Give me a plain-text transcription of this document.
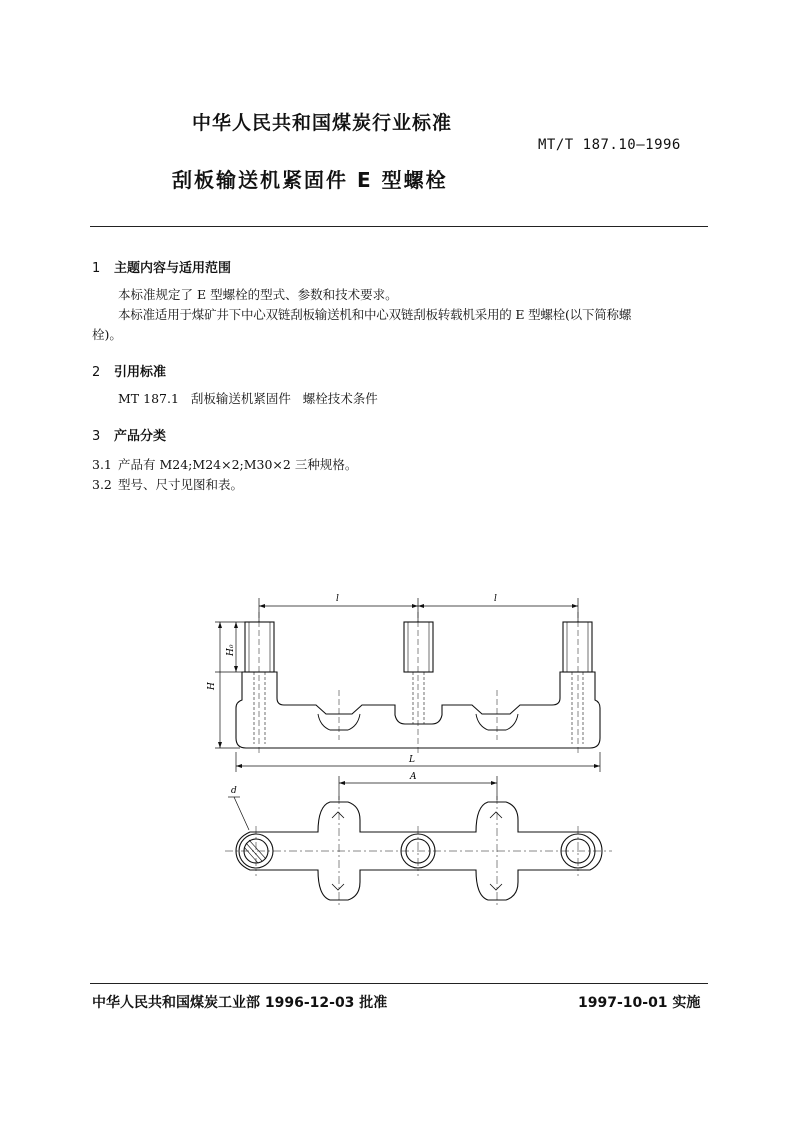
中华人民共和国煤炭行业标准
MT/T 187.10—1996
刮板输送机紧固件 E 型螺栓
1 主题内容与适用范围
本标准规定了 E 型螺栓的型式、参数和技术要求。
本标准适用于煤矿井下中心双链刮板输送机和中心双链刮板转载机采用的 E 型螺栓(以下简称螺
栓)。
2 引用标准
MT 187.1   刮板输送机紧固件   螺栓技术条件
3 产品分类
3.1 产品有 M24;M24×2;M30×2 三种规格。
3.2 型号、尺寸见图和表。
l	l
H₀
H
L
A
d
中华人民共和国煤炭工业部 1996-12-03 批准	1997-10-01 实施
